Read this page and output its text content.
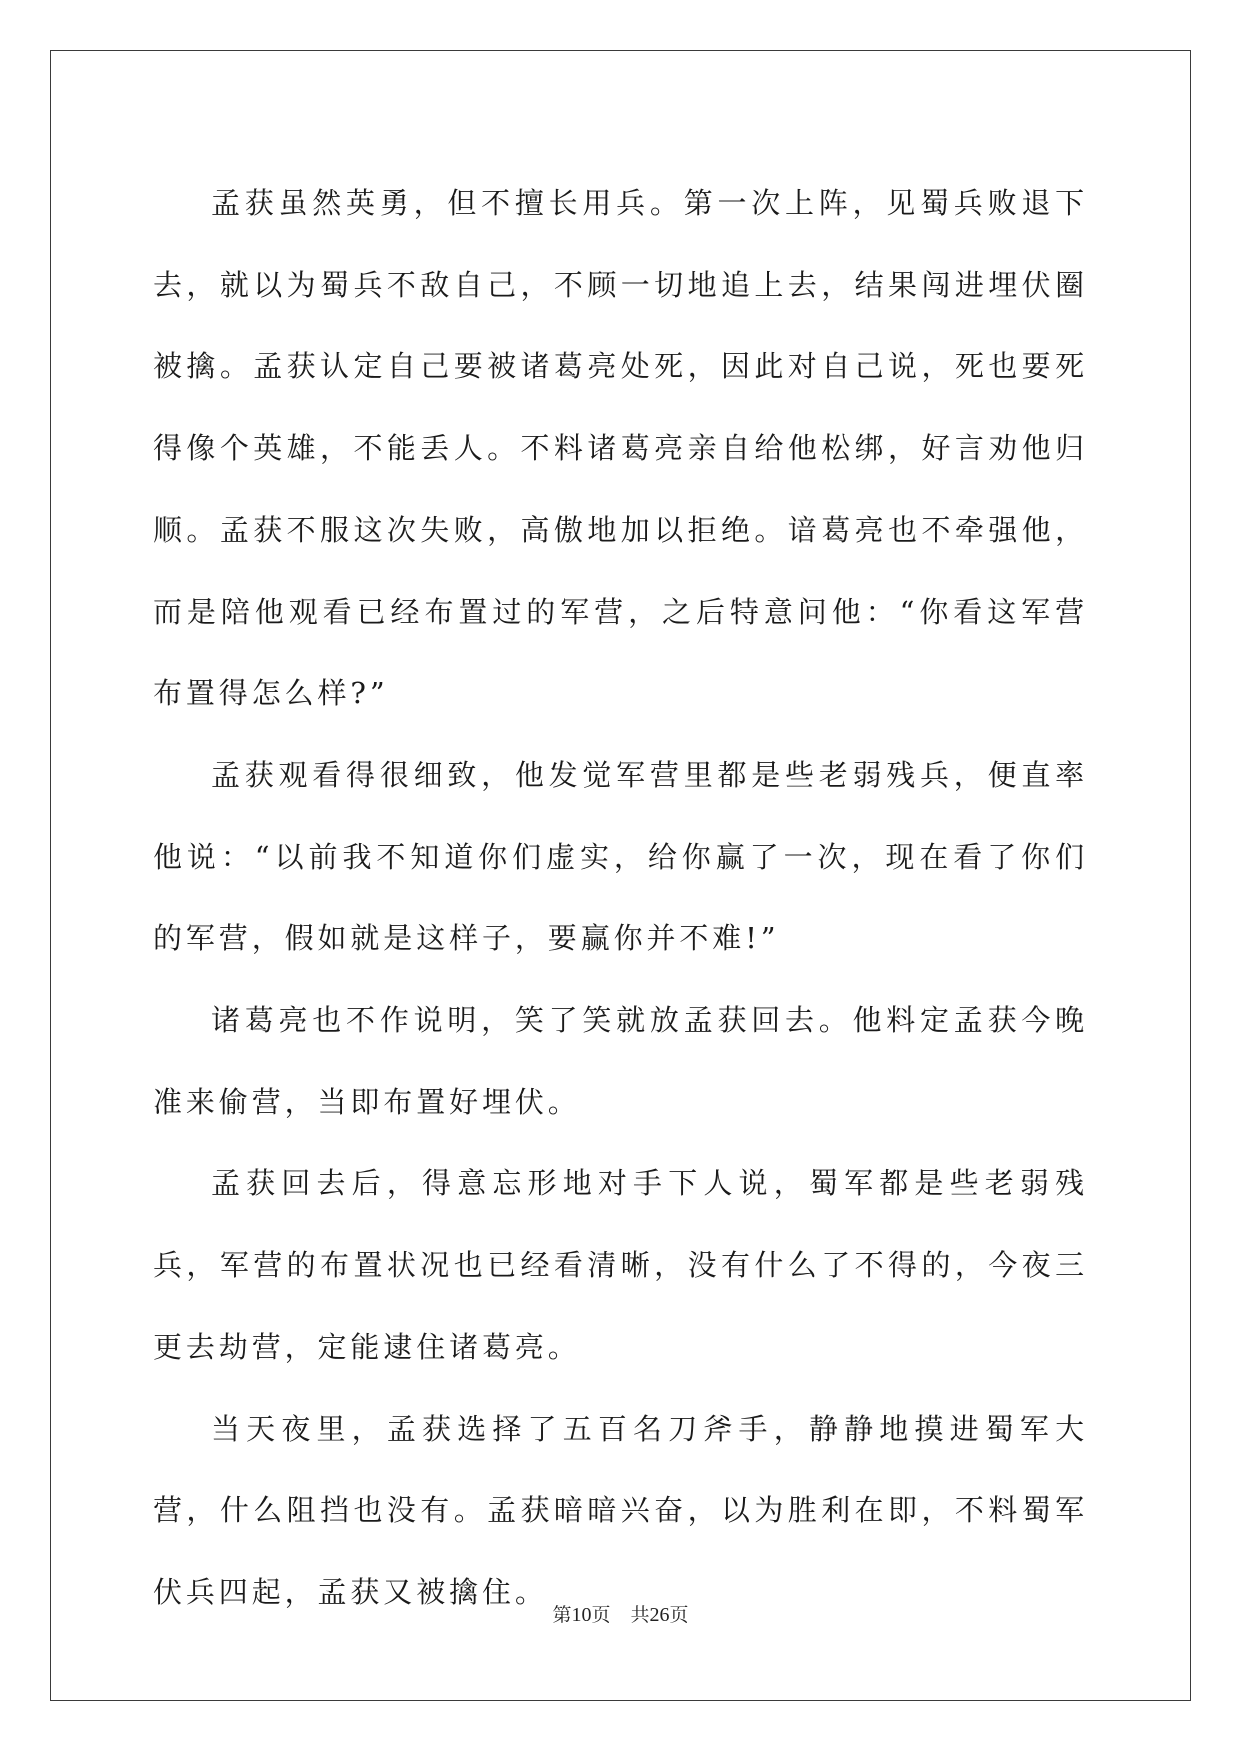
孟获虽然英勇，但不擅长用兵。第一次上阵，见蜀兵败退下去，就以为蜀兵不敌自己，不顾一切地追上去，结果闯进埋伏圈被擒。孟获认定自己要被诸葛亮处死，因此对自己说，死也要死得像个英雄，不能丢人。不料诸葛亮亲自给他松绑，好言劝他归顺。孟获不服这次失败，高傲地加以拒绝。谙葛亮也不牵强他，而是陪他观看已经布置过的军营，之后特意问他：“你看这军营布置得怎么样?”

孟获观看得很细致，他发觉军营里都是些老弱残兵，便直率他说：“以前我不知道你们虚实，给你赢了一次，现在看了你们的军营，假如就是这样子，要赢你并不难!”

诸葛亮也不作说明，笑了笑就放孟获回去。他料定孟获今晚准来偷营，当即布置好埋伏。

孟获回去后，得意忘形地对手下人说，蜀军都是些老弱残兵，军营的布置状况也已经看清晰，没有什么了不得的，今夜三更去劫营，定能逮住诸葛亮。

当天夜里，孟获选择了五百名刀斧手，静静地摸进蜀军大营，什么阻挡也没有。孟获暗暗兴奋，以为胜利在即，不料蜀军伏兵四起，孟获又被擒住。

第10页 共26页
